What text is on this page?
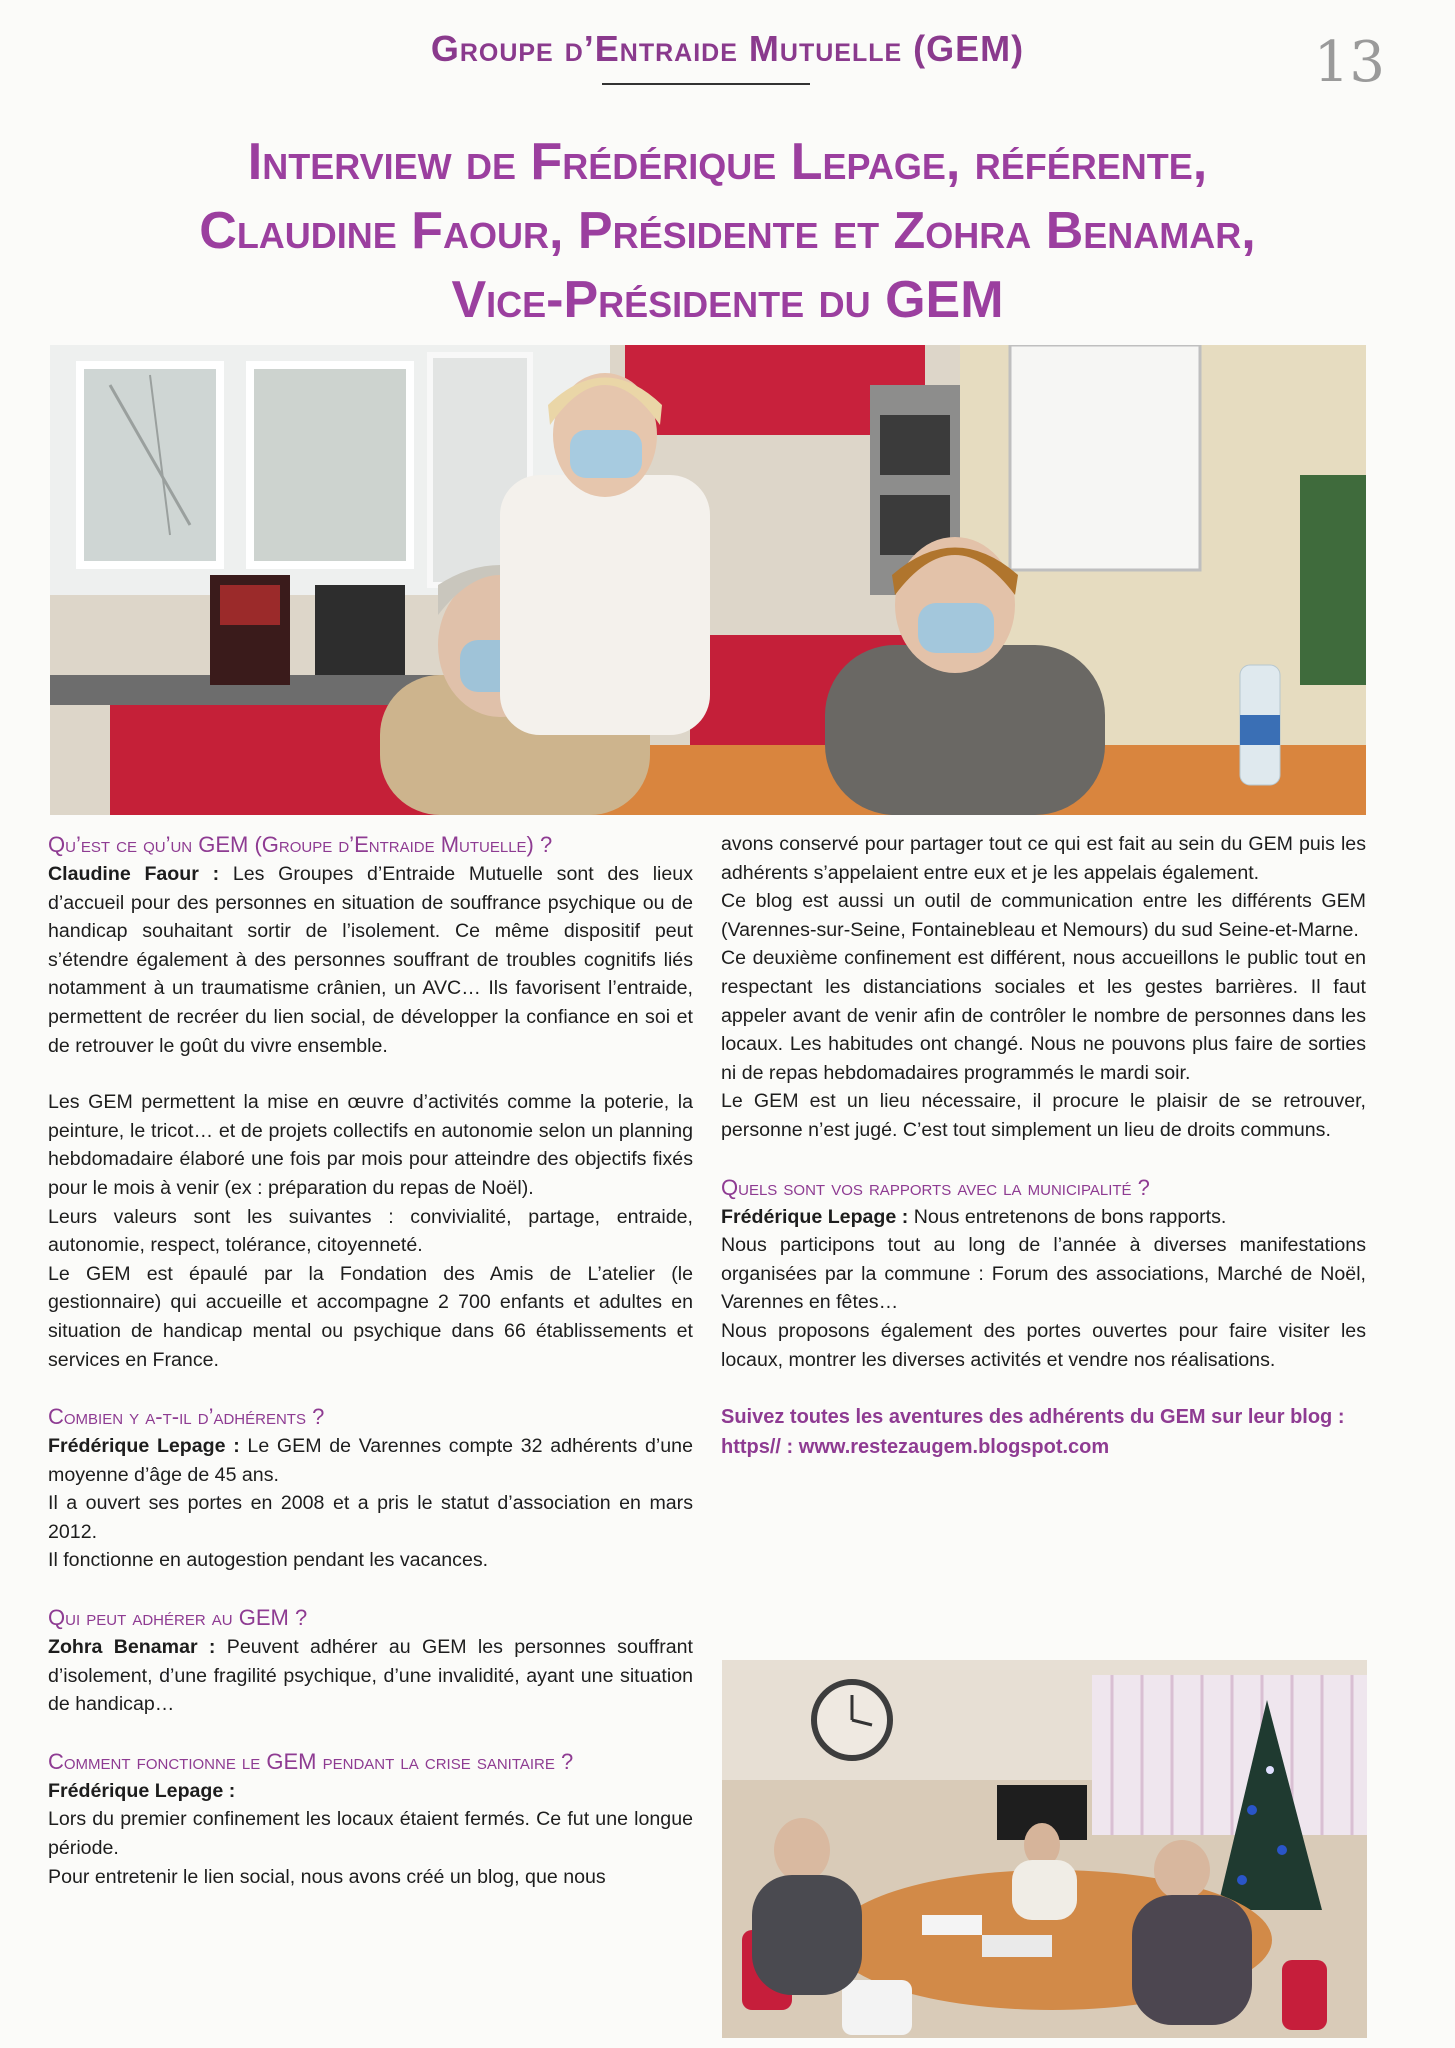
Groupe d’Entraide Mutuelle (GEM)	13
Interview de Frédérique Lepage, référente,
Claudine Faour, Présidente et Zohra Benamar,
Vice-Présidente du GEM

Qu’est ce qu’un GEM (Groupe d’Entraide Mutuelle) ?

Claudine Faour : Les Groupes d’Entraide Mutuelle sont des lieux d’accueil pour des personnes en situation de souffrance psychique ou de handicap souhaitant sortir de l’isolement. Ce même dispositif peut s’étendre également à des personnes souffrant de troubles cognitifs liés notamment à un traumatisme crânien, un AVC… Ils favorisent l’entraide, permettent de recréer du lien social, de développer la confiance en soi et de retrouver le goût du vivre ensemble.

Les GEM permettent la mise en œuvre d’activités comme la poterie, la peinture, le tricot… et de projets collectifs en autonomie selon un planning hebdomadaire élaboré une fois par mois pour atteindre des objectifs fixés pour le mois à venir (ex : préparation du repas de Noël).

Leurs valeurs sont les suivantes : convivialité, partage, entraide, autonomie, respect, tolérance, citoyenneté.

Le GEM est épaulé par la Fondation des Amis de L’atelier (le gestionnaire) qui accueille et accompagne 2 700 enfants et adultes en situation de handicap mental ou psychique dans 66 établissements et services en France.

Combien y a-t-il d’adhérents ?

Frédérique Lepage : Le GEM de Varennes compte 32 adhérents d’une moyenne d’âge de 45 ans.

Il a ouvert ses portes en 2008 et a pris le statut d’association en mars 2012.

Il fonctionne en autogestion pendant les vacances.

Qui peut adhérer au GEM ?

Zohra Benamar : Peuvent adhérer au GEM les personnes souffrant d’isolement, d’une fragilité psychique, d’une invalidité, ayant une situation de handicap…

Comment fonctionne le GEM pendant la crise sanitaire ?

Frédérique Lepage :

Lors du premier confinement les locaux étaient fermés. Ce fut une longue période.

Pour entretenir le lien social, nous avons créé un blog, que nous

avons conservé pour partager tout ce qui est fait au sein du GEM puis les adhérents s’appelaient entre eux et je les appelais également.

Ce blog est aussi un outil de communication entre les différents GEM (Varennes-sur-Seine, Fontainebleau et Nemours) du sud Seine-et-Marne.

Ce deuxième confinement est différent, nous accueillons le public tout en respectant les distanciations sociales et les gestes barrières. Il faut appeler avant de venir afin de contrôler le nombre de personnes dans les locaux. Les habitudes ont changé. Nous ne pouvons plus faire de sorties ni de repas hebdomadaires programmés le mardi soir.

Le GEM est un lieu nécessaire, il procure le plaisir de se retrouver, personne n’est jugé. C’est tout simplement un lieu de droits communs.

Quels sont vos rapports avec la municipalité ?

Frédérique Lepage : Nous entretenons de bons rapports.

Nous participons tout au long de l’année à diverses manifestations organisées par la commune : Forum des associations, Marché de Noël, Varennes en fêtes…

Nous proposons également des portes ouvertes pour faire visiter les locaux, montrer les diverses activités et vendre nos réalisations.

Suivez toutes les aventures des adhérents du GEM sur leur blog : https// : www.restezaugem.blogspot.com
